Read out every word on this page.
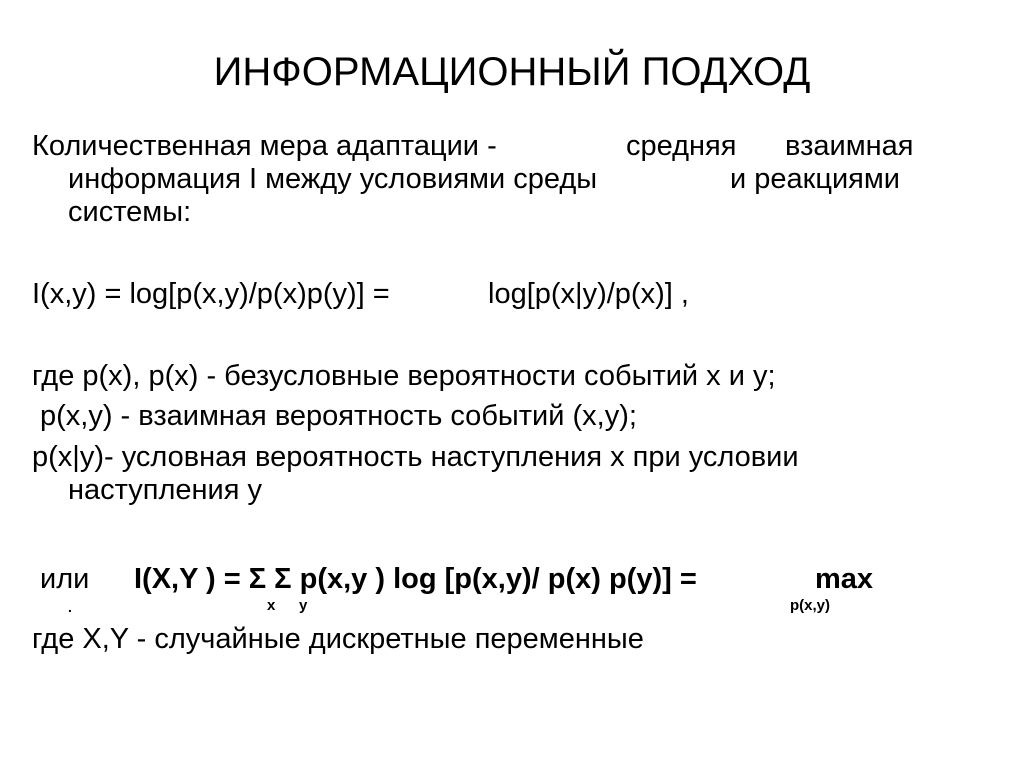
ИНФОРМАЦИОННЫЙ ПОДХОД
Количественная мера адаптации -	средняя взаимная
информация I между условиями среды	и реакциями
системы:
I(x,y) = log[p(x,y)/p(x)p(y)] =	log[p(x|y)/p(x)] ,
где p(x), p(x) - безусловные вероятности событий x и y;
p(x,y) - взаимная вероятность событий (x,y);
p(x|y)- условная вероятность наступления x при условии
наступления y
или I(X,Y ) = Σ Σ p(x,y ) log [p(x,y)/ p(x) p(y)] =	max
.	x y	p(x,y)
где X,Y - случайные дискретные переменные
